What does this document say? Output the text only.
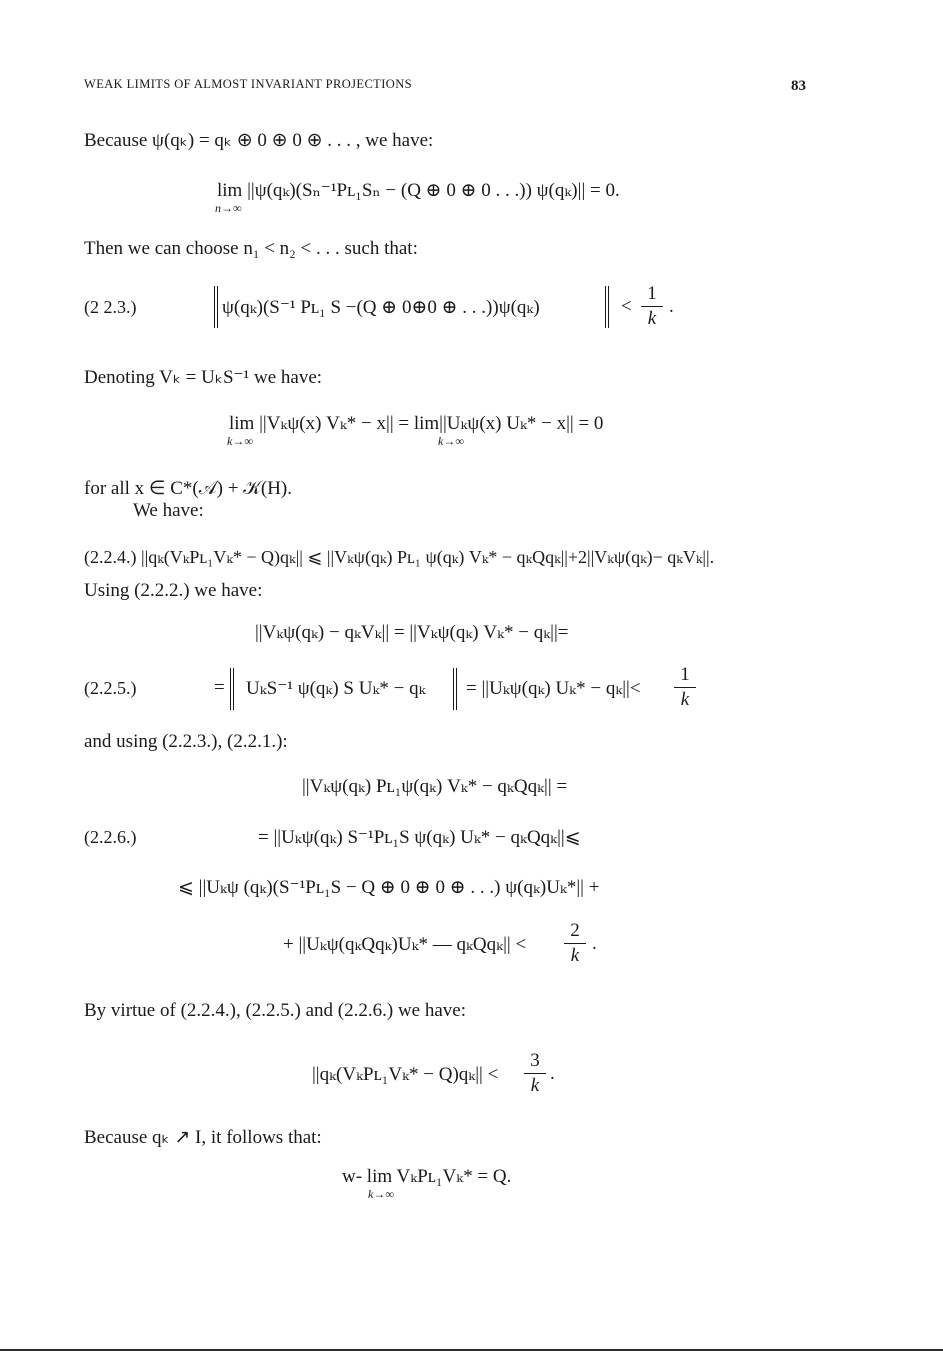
WEAK LIMITS OF ALMOST INVARIANT PROJECTIONS	83
Because ψ(qₖ) = qₖ ⊕ 0 ⊕ 0 ⊕ . . . , we have:
lim ||ψ(qₖ)(Sₙ⁻¹Pʟ₁Sₙ − (Q ⊕ 0 ⊕ 0 . . .)) ψ(qₖ)|| = 0.
n→∞
Then we can choose n₁ < n₂ < . . . such that:
(2 2.3.)	ψ(qₖ)(S⁻¹ Pʟ₁ S −(Q ⊕ 0⊕0 ⊕ . . .))ψ(qₖ)	<
1
k
.
Denoting Vₖ = UₖS⁻¹ we have:
lim ||Vₖψ(x) Vₖ* − x|| = lim||Uₖψ(x) Uₖ* − x|| = 0
k→∞	k→∞
for all x ∈ C*(𝒜) + 𝒦(H).
We have:
(2.2.4.) ||qₖ(VₖPʟ₁Vₖ* − Q)qₖ|| ⩽ ||Vₖψ(qₖ) Pʟ₁ ψ(qₖ) Vₖ* − qₖQqₖ||+2||Vₖψ(qₖ)− qₖVₖ||.
Using (2.2.2.) we have:
||Vₖψ(qₖ) − qₖVₖ|| = ||Vₖψ(qₖ) Vₖ* − qₖ||=
(2.2.5.)	= UₖS⁻¹ ψ(qₖ) S Uₖ* − qₖ = ||Uₖψ(qₖ) Uₖ* − qₖ||<
1
k
and using (2.2.3.), (2.2.1.):
||Vₖψ(qₖ) Pʟ₁ψ(qₖ) Vₖ* − qₖQqₖ|| =
(2.2.6.)	= ||Uₖψ(qₖ) S⁻¹Pʟ₁S ψ(qₖ) Uₖ* − qₖQqₖ||⩽
⩽ ||Uₖψ (qₖ)(S⁻¹Pʟ₁S − Q ⊕ 0 ⊕ 0 ⊕ . . .) ψ(qₖ)Uₖ*|| +
+ ||Uₖψ(qₖQqₖ)Uₖ* — qₖQqₖ|| <
2
k
.
By virtue of (2.2.4.), (2.2.5.) and (2.2.6.) we have:
||qₖ(VₖPʟ₁Vₖ* − Q)qₖ|| <
3
k
.
Because qₖ ↗ I, it follows that:
w- lim VₖPʟ₁Vₖ* = Q.
k→∞
